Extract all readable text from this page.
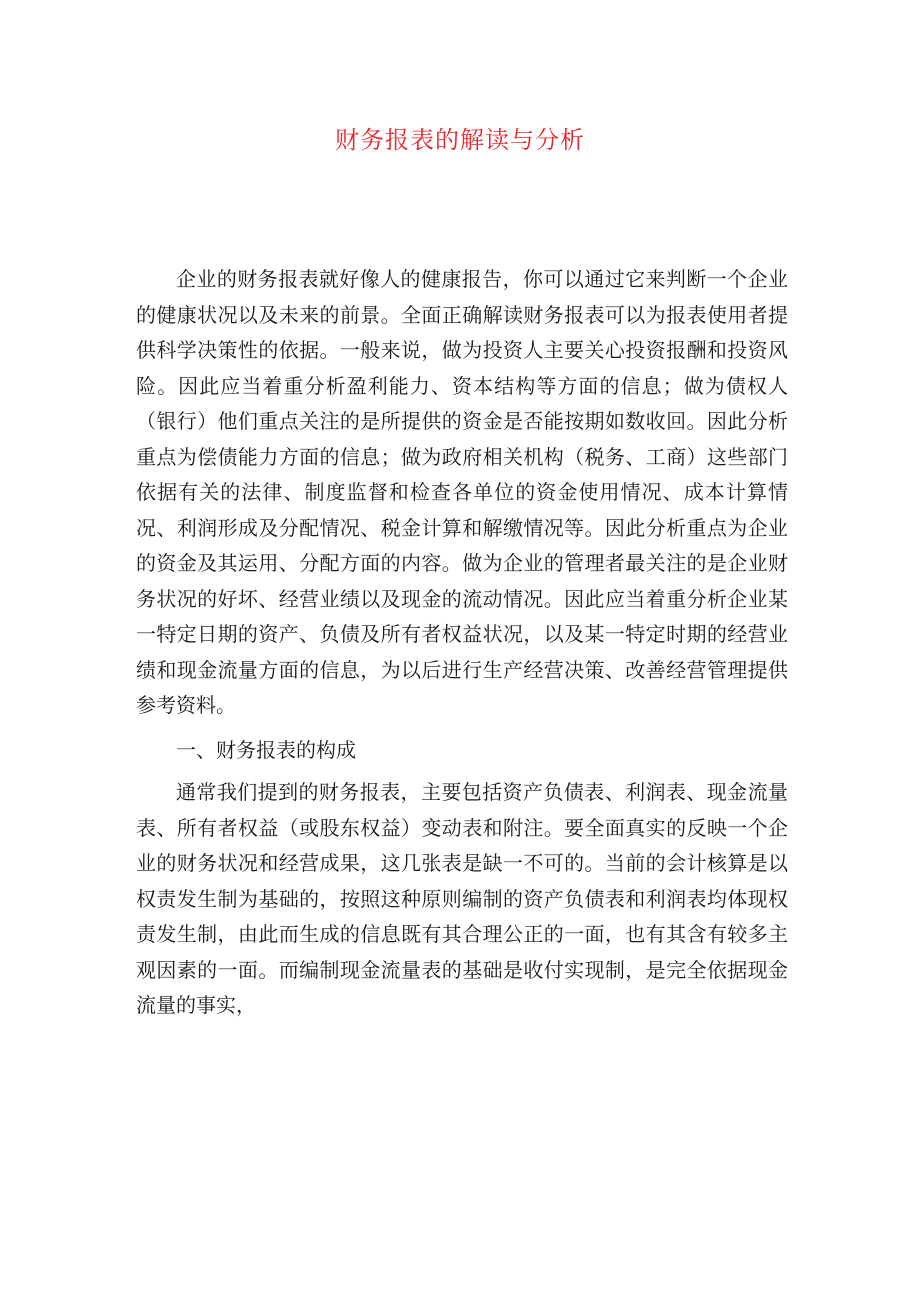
财务报表的解读与分析

企业的财务报表就好像人的健康报告，你可以通过它来判断一个企业的健康状况以及未来的前景。全面正确解读财务报表可以为报表使用者提供科学决策性的依据。一般来说，做为投资人主要关心投资报酬和投资风险。因此应当着重分析盈利能力、资本结构等方面的信息；做为债权人（银行）他们重点关注的是所提供的资金是否能按期如数收回。因此分析重点为偿债能力方面的信息；做为政府相关机构（税务、工商）这些部门依据有关的法律、制度监督和检查各单位的资金使用情况、成本计算情况、利润形成及分配情况、税金计算和解缴情况等。因此分析重点为企业的资金及其运用、分配方面的内容。做为企业的管理者最关注的是企业财务状况的好坏、经营业绩以及现金的流动情况。因此应当着重分析企业某一特定日期的资产、负债及所有者权益状况，以及某一特定时期的经营业绩和现金流量方面的信息，为以后进行生产经营决策、改善经营管理提供参考资料。

一、财务报表的构成

通常我们提到的财务报表，主要包括资产负债表、利润表、现金流量表、所有者权益（或股东权益）变动表和附注。要全面真实的反映一个企业的财务状况和经营成果，这几张表是缺一不可的。当前的会计核算是以权责发生制为基础的，按照这种原则编制的资产负债表和利润表均体现权责发生制，由此而生成的信息既有其合理公正的一面，也有其含有较多主观因素的一面。而编制现金流量表的基础是收付实现制，是完全依据现金流量的事实，
